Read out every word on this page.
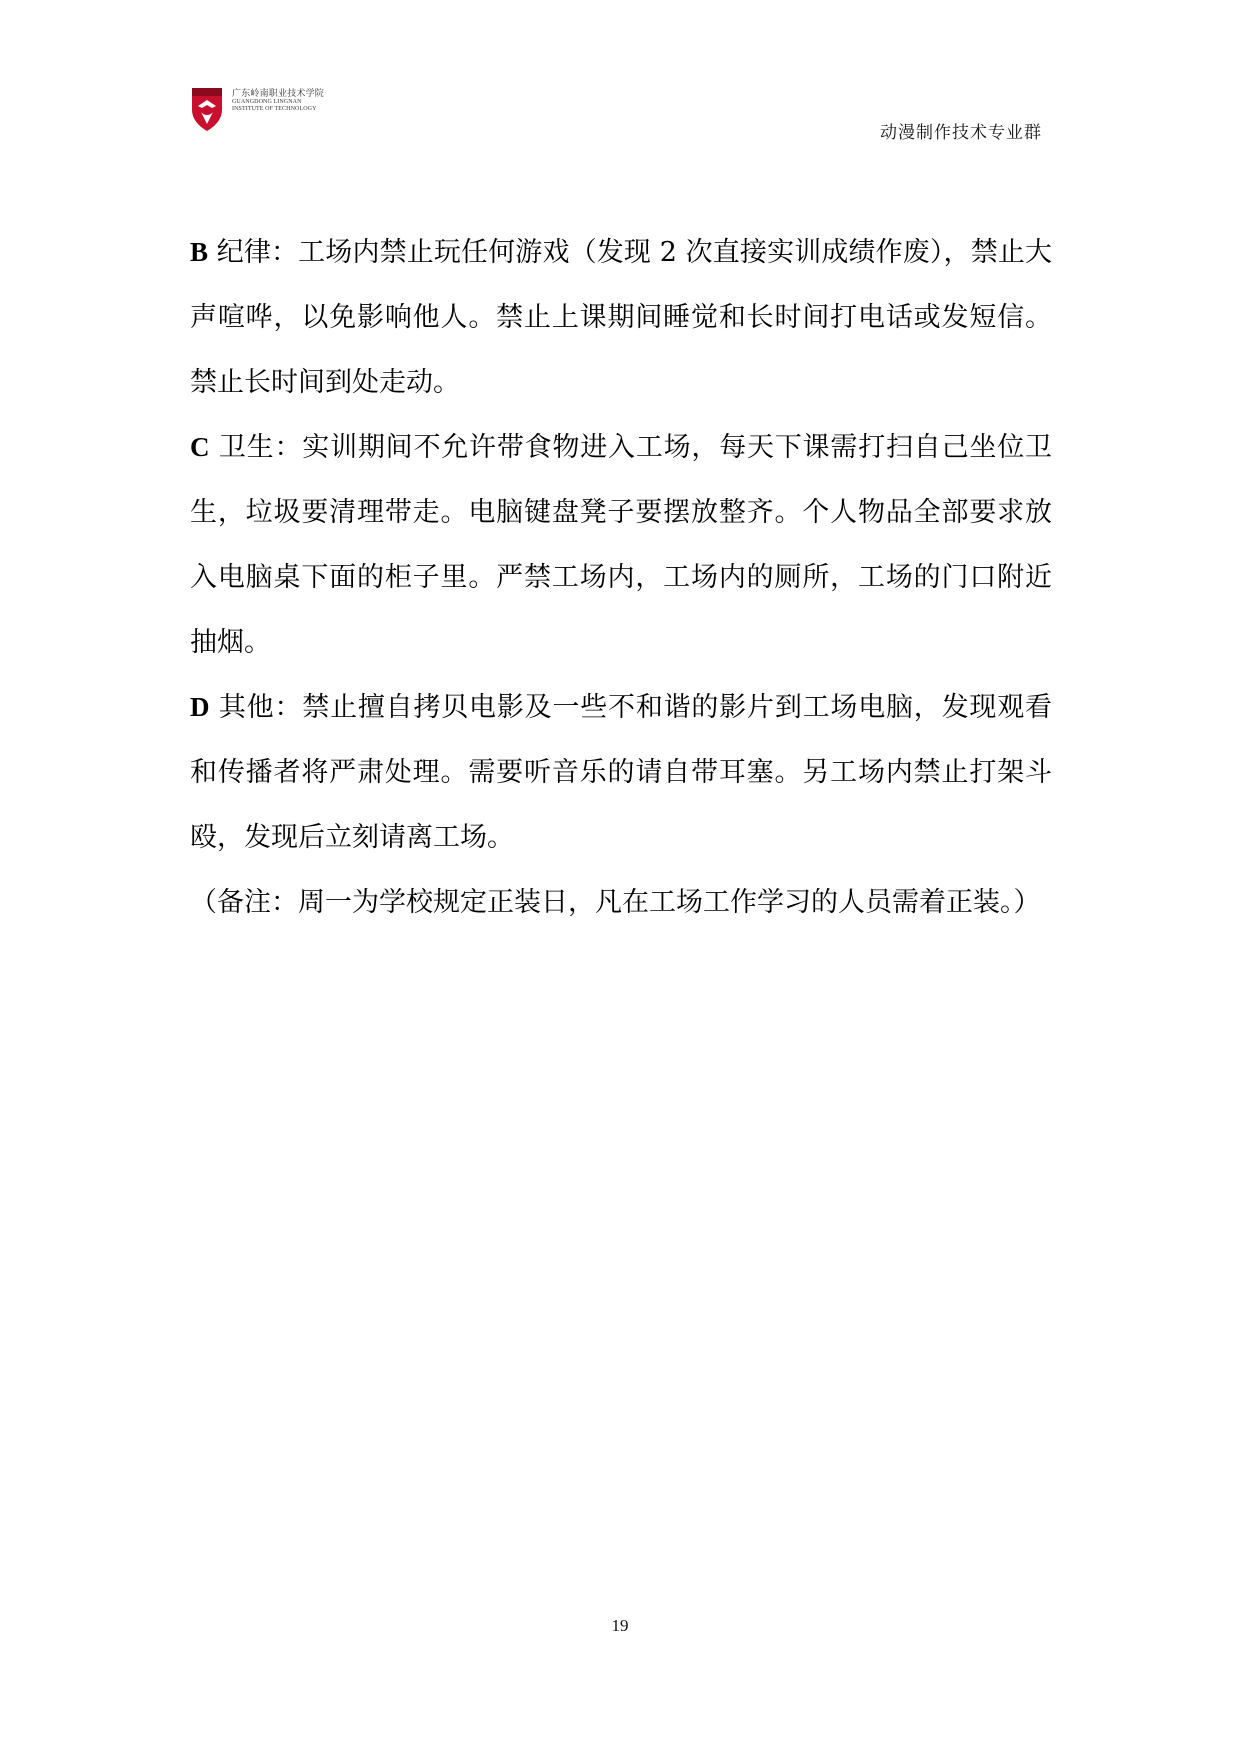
广东岭南职业技术学院
GUANGDONG LINGNAN
INSTITUTE OF TECHNOLOGY
动漫制作技术专业群

B 纪律：工场内禁止玩任何游戏（发现 2 次直接实训成绩作废），禁止大声喧哗，以免影响他人。禁止上课期间睡觉和长时间打电话或发短信。禁止长时间到处走动。

C 卫生：实训期间不允许带食物进入工场，每天下课需打扫自己坐位卫生，垃圾要清理带走。电脑键盘凳子要摆放整齐。个人物品全部要求放入电脑桌下面的柜子里。严禁工场内，工场内的厕所，工场的门口附近抽烟。

D 其他：禁止擅自拷贝电影及一些不和谐的影片到工场电脑，发现观看和传播者将严肃处理。需要听音乐的请自带耳塞。另工场内禁止打架斗殴，发现后立刻请离工场。

（备注：周一为学校规定正装日，凡在工场工作学习的人员需着正装。）

19
